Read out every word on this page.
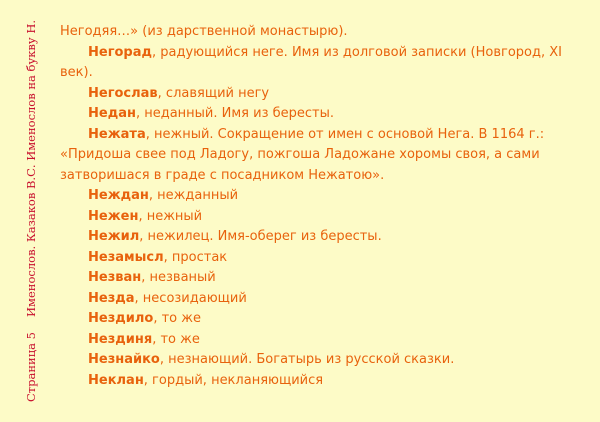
Страница 5
Именослов. Казаков В.С. Именослов на букву Н. Негодяя…» (из дарственной монастырю).

Негорад, радующийся неге. Имя из долговой записки (Новгород, XI век).

Негослав, славящий негу

Недан, неданный. Имя из бересты.

Нежата, нежный. Сокращение от имен с основой Нега. В 1164 г.: «Придоша свее под Ладогу, пожгоша Ладожане хоромы своя, а сами затворишася в граде с посадником Нежатою».

Неждан, нежданный
Нежен, нежный
Нежил, нежилец. Имя-оберег из бересты.
Незамысл, простак
Незван, незваный
Незда, несозидающий
Нездило, то же
Нездиня, то же
Незнайко, незнающий. Богатырь из русской сказки.
Неклан, гордый, некланяющийся
